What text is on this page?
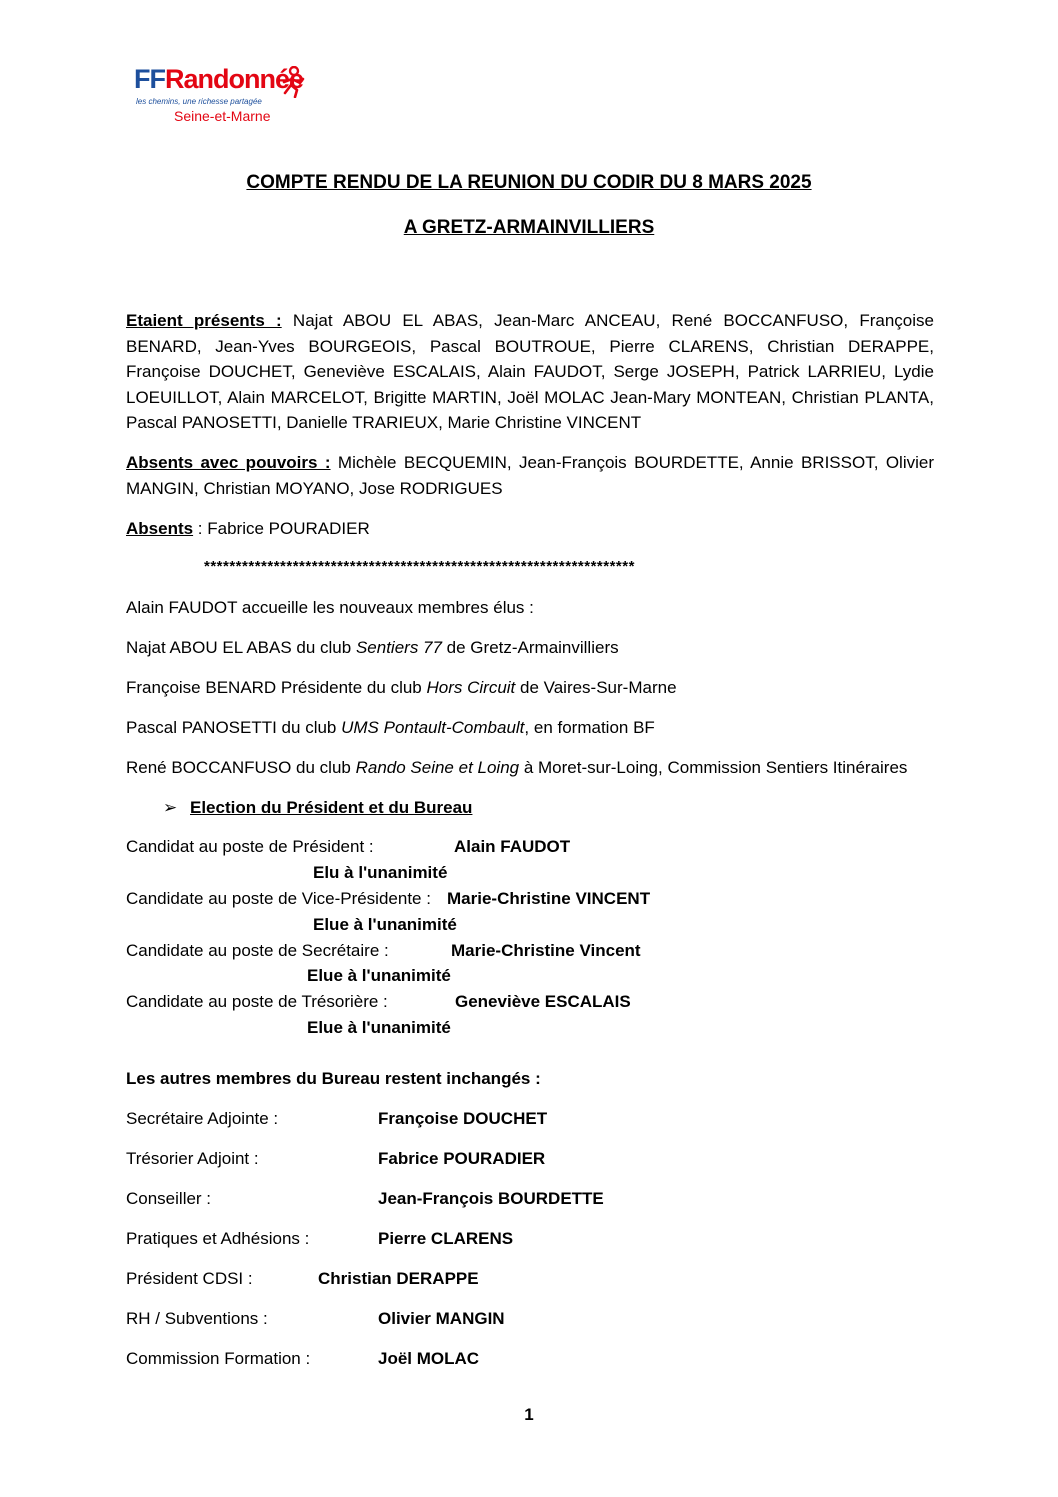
FFRandonnée
les chemins, une richesse partagée
Seine-et-Marne
COMPTE RENDU DE LA REUNION DU CODIR DU 8 MARS 2025
A GRETZ-ARMAINVILLIERS
Etaient présents : Najat ABOU EL ABAS, Jean-Marc ANCEAU, René BOCCANFUSO, Françoise BENARD, Jean-Yves BOURGEOIS, Pascal BOUTROUE, Pierre CLARENS, Christian DERAPPE, Françoise DOUCHET, Geneviève ESCALAIS, Alain FAUDOT, Serge JOSEPH, Patrick LARRIEU, Lydie LOEUILLOT, Alain MARCELOT, Brigitte MARTIN, Joël MOLAC Jean-Mary MONTEAN, Christian PLANTA, Pascal PANOSETTI, Danielle TRARIEUX, Marie Christine VINCENT
Absents avec pouvoirs : Michèle BECQUEMIN, Jean-François BOURDETTE, Annie BRISSOT, Olivier MANGIN, Christian MOYANO, Jose RODRIGUES
Absents : Fabrice POURADIER
********************************************************************
Alain FAUDOT accueille les nouveaux membres élus :
Najat ABOU EL ABAS du club Sentiers 77 de Gretz-Armainvilliers
Françoise BENARD Présidente du club Hors Circuit de Vaires-Sur-Marne
Pascal PANOSETTI du club UMS Pontault-Combault, en formation BF
René BOCCANFUSO du club Rando Seine et Loing à Moret-sur-Loing, Commission Sentiers Itinéraires
➢ Election du Président et du Bureau
Candidat au poste de Président :	Alain FAUDOT
Elu à l'unanimité
Candidate au poste de Vice-Présidente : Marie-Christine VINCENT
Elue à l'unanimité
Candidate au poste de Secrétaire :	Marie-Christine Vincent
Elue à l'unanimité
Candidate au poste de Trésorière :	Geneviève ESCALAIS
Elue à l'unanimité
Les autres membres du Bureau restent inchangés :
Secrétaire Adjointe :	Françoise DOUCHET
Trésorier Adjoint :	Fabrice POURADIER
Conseiller :	Jean-François BOURDETTE
Pratiques et Adhésions :	Pierre CLARENS
Président CDSI :	Christian DERAPPE
RH / Subventions :	Olivier MANGIN
Commission Formation :	Joël MOLAC
1
